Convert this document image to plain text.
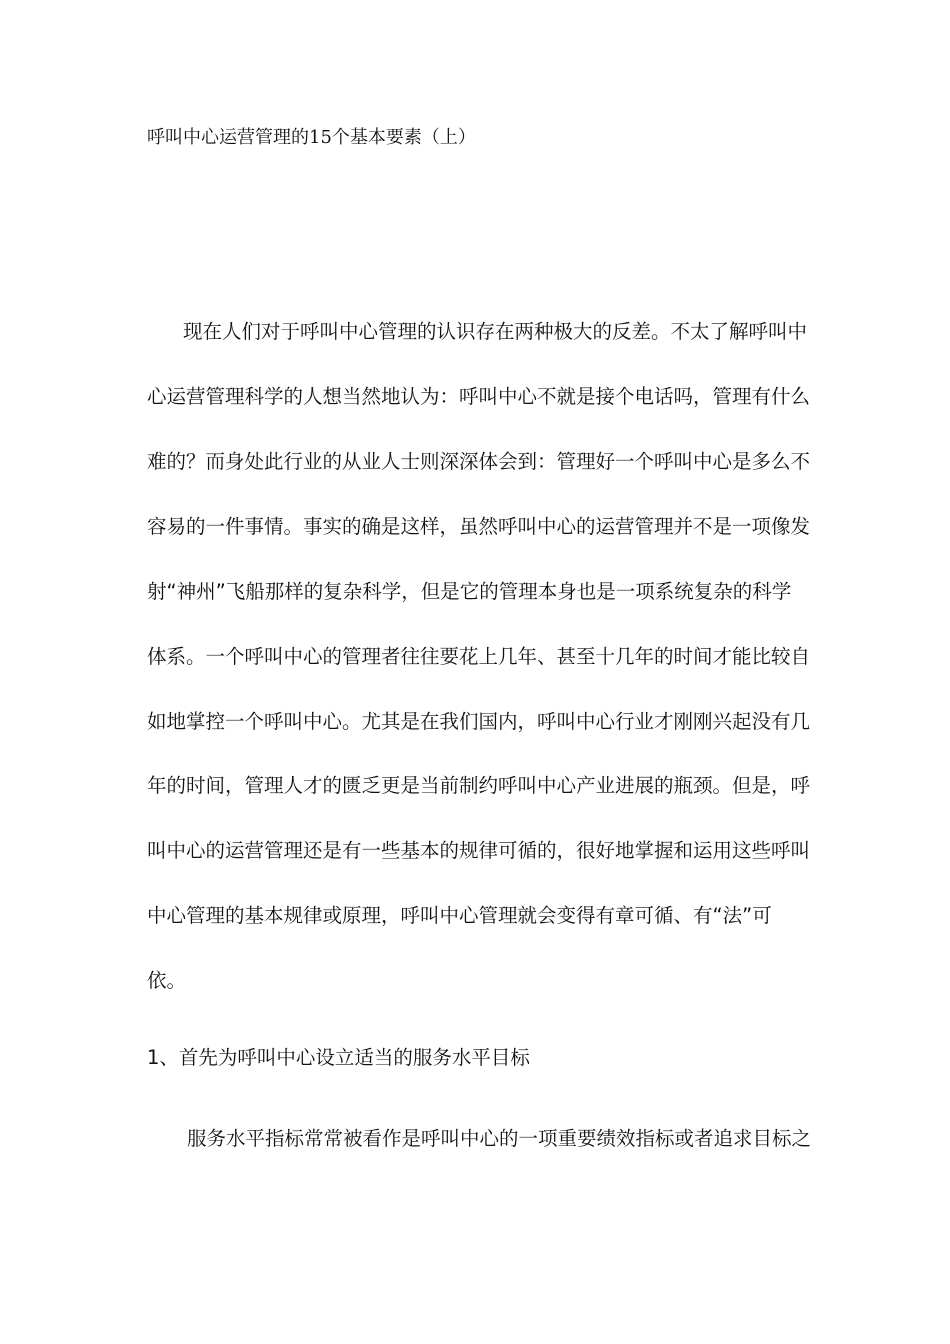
呼叫中心运营管理的15个基本要素（上）
现在人们对于呼叫中心管理的认识存在两种极大的反差。不太了解呼叫中
心运营管理科学的人想当然地认为：呼叫中心不就是接个电话吗，管理有什么
难的？而身处此行业的从业人士则深深体会到：管理好一个呼叫中心是多么不
容易的一件事情。事实的确是这样，虽然呼叫中心的运营管理并不是一项像发
射“神州”飞船那样的复杂科学，但是它的管理本身也是一项系统复杂的科学
体系。一个呼叫中心的管理者往往要花上几年、甚至十几年的时间才能比较自
如地掌控一个呼叫中心。尤其是在我们国内，呼叫中心行业才刚刚兴起没有几
年的时间，管理人才的匮乏更是当前制约呼叫中心产业进展的瓶颈。但是，呼
叫中心的运营管理还是有一些基本的规律可循的，很好地掌握和运用这些呼叫
中心管理的基本规律或原理，呼叫中心管理就会变得有章可循、有“法”可
依。
1、首先为呼叫中心设立适当的服务水平目标
服务水平指标常常被看作是呼叫中心的一项重要绩效指标或者追求目标之
